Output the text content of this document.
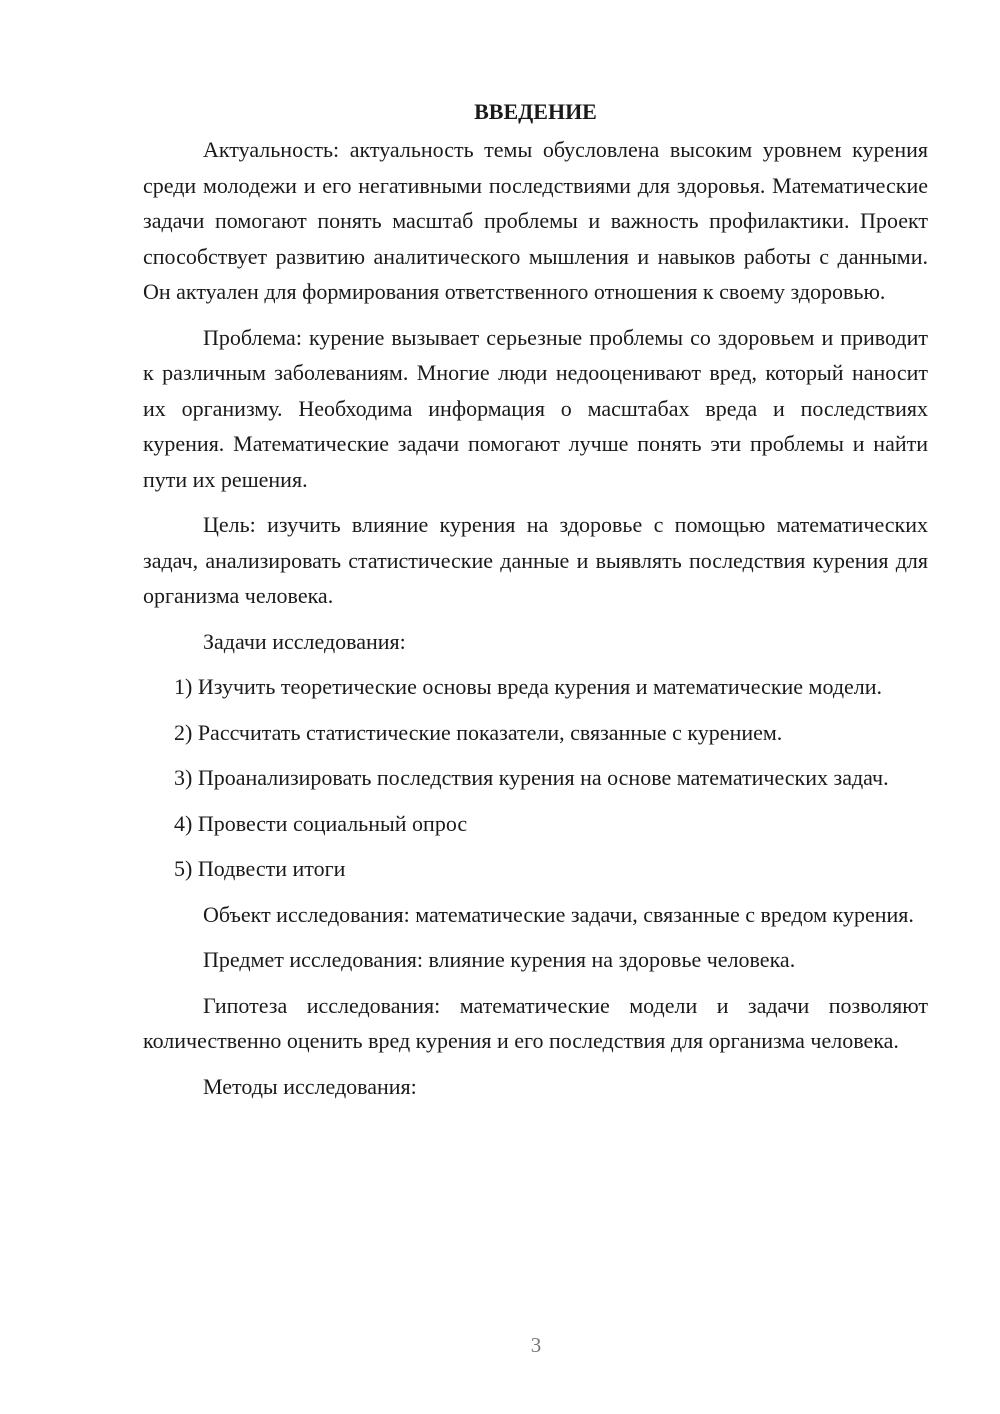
ВВЕДЕНИЕ

Актуальность: актуальность темы обусловлена высоким уровнем курения среди молодежи и его негативными последствиями для здоровья. Математические задачи помогают понять масштаб проблемы и важность профилактики. Проект способствует развитию аналитического мышления и навыков работы с данными. Он актуален для формирования ответственного отношения к своему здоровью.

Проблема: курение вызывает серьезные проблемы со здоровьем и приводит к различным заболеваниям. Многие люди недооценивают вред, который наносит их организму. Необходима информация о масштабах вреда и последствиях курения. Математические задачи помогают лучше понять эти проблемы и найти пути их решения.

Цель: изучить влияние курения на здоровье с помощью математических задач, анализировать статистические данные и выявлять последствия курения для организма человека.

Задачи исследования:

1) Изучить теоретические основы вреда курения и математические модели.

2) Рассчитать статистические показатели, связанные с курением.

3) Проанализировать последствия курения на основе математических задач.

4) Провести социальный опрос

5) Подвести итоги

Объект исследования: математические задачи, связанные с вредом курения.

Предмет исследования: влияние курения на здоровье человека.

Гипотеза исследования: математические модели и задачи позволяют количественно оценить вред курения и его последствия для организма человека.

Методы исследования:

3
